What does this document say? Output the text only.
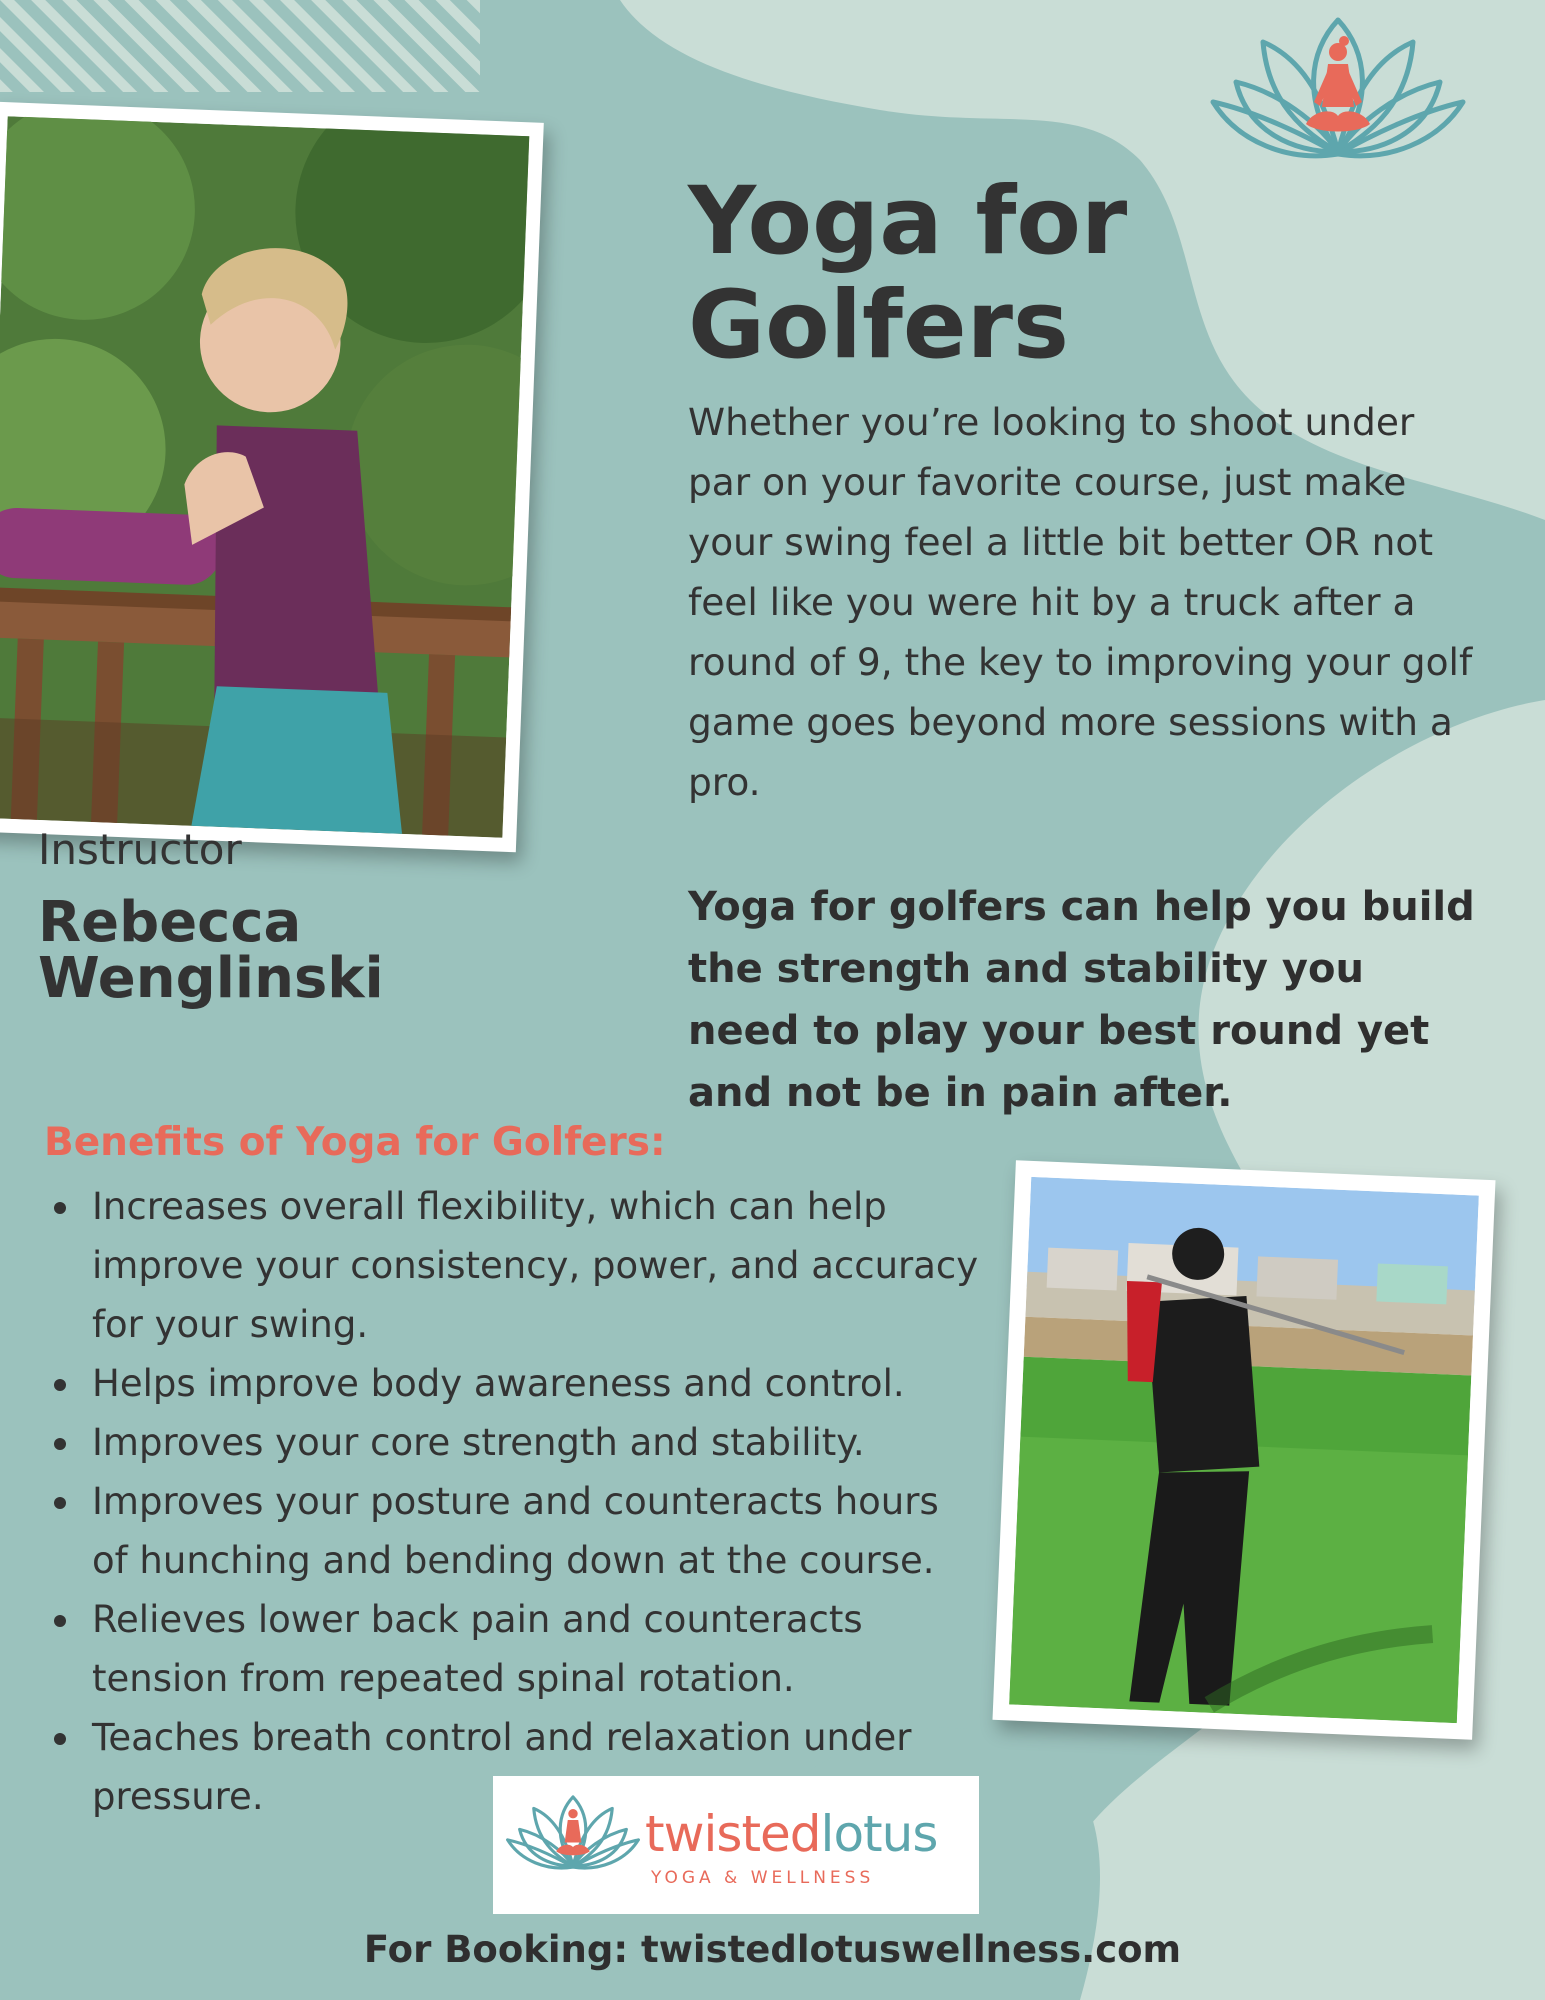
Yoga for Golfers
Whether you’re looking to shoot under par on your favorite course, just make your swing feel a little bit better OR not feel like you were hit by a truck after a round of 9, the key to improving your golf game goes beyond more sessions with a pro.
Yoga for golfers can help you build the strength and stability you need to play your best round yet and not be in pain after.
Instructor
Rebecca Wenglinski
Benefits of Yoga for Golfers:
Increases overall flexibility, which can help improve your consistency, power, and accuracy for your swing.
Helps improve body awareness and control.
Improves your core strength and stability.
Improves your posture and counteracts hours of hunching and bending down at the course.
Relieves lower back pain and counteracts tension from repeated spinal rotation.
Teaches breath control and relaxation under pressure.
twistedlotus
YOGA & WELLNESS
For Booking: twistedlotuswellness.com
